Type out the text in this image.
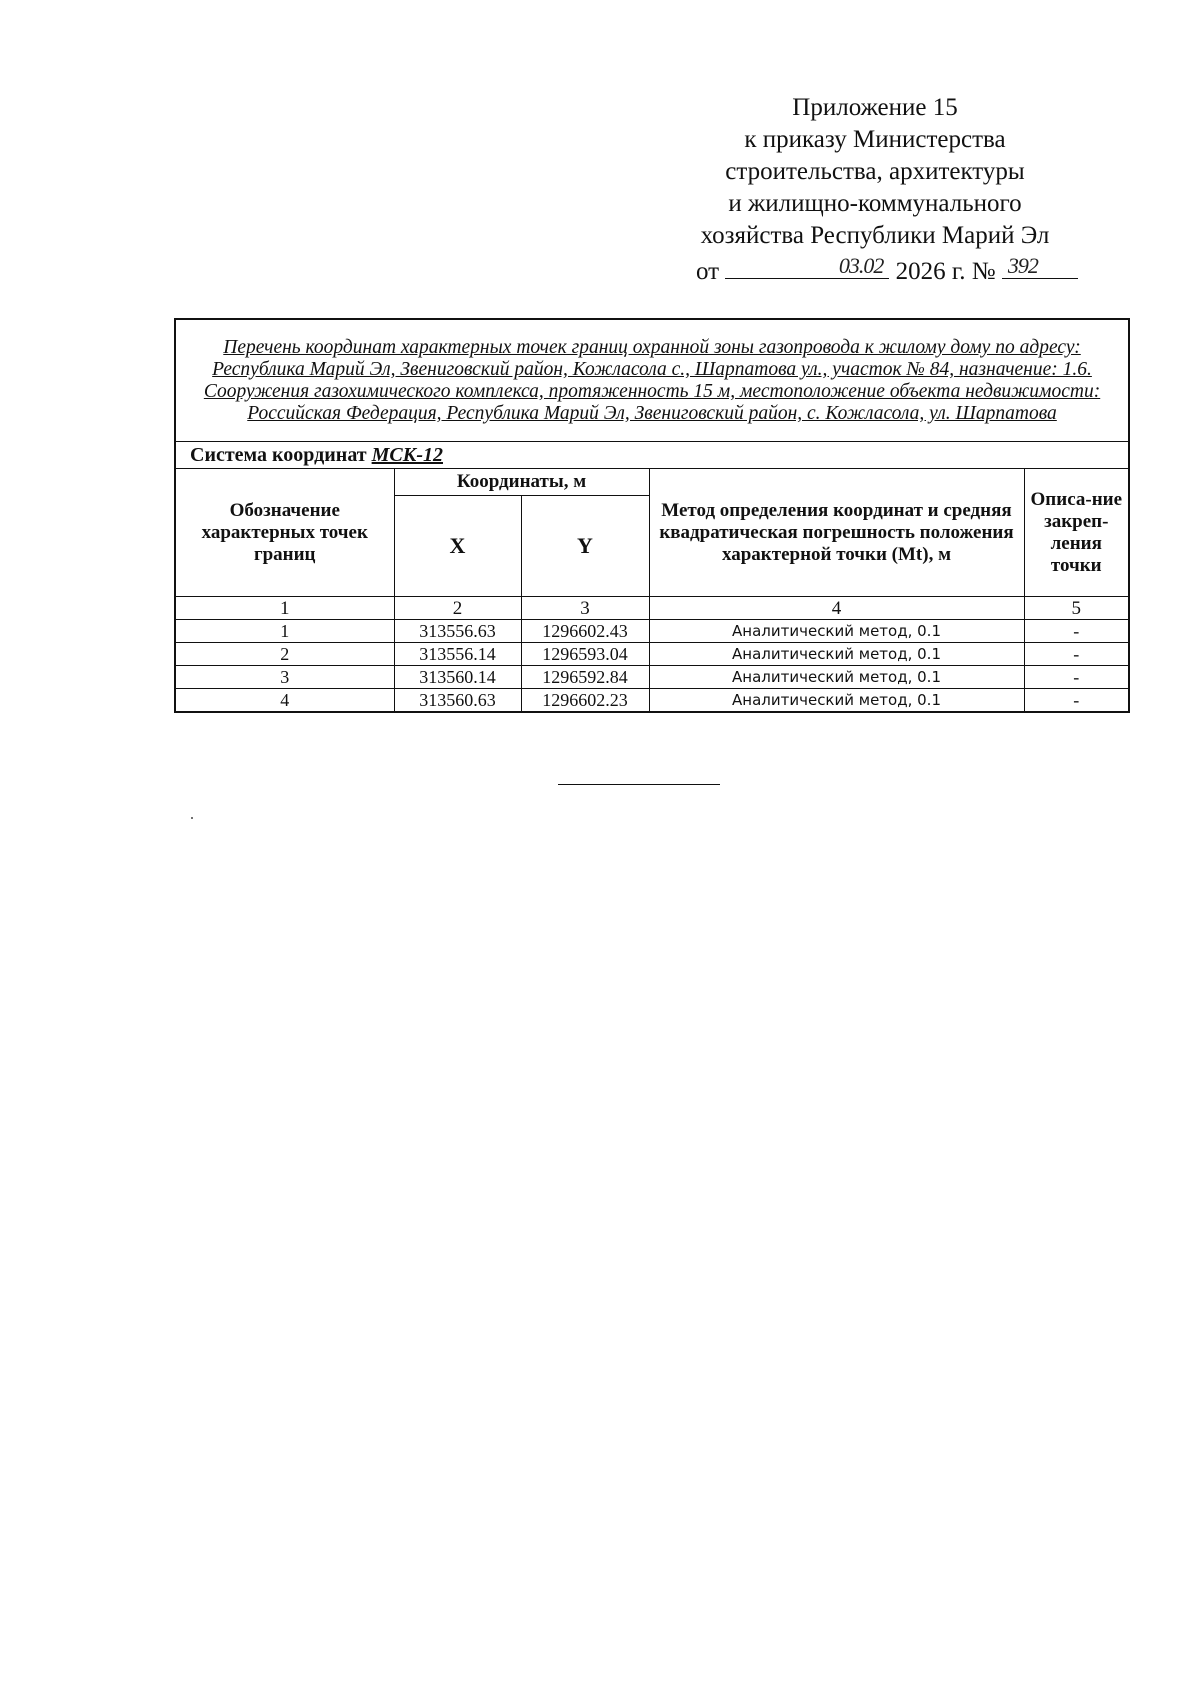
Приложение 15
к приказу Министерства
строительства, архитектуры
и жилищно-коммунального
хозяйства Республики Марий Эл
от	03.02 2026 г. № 392
Перечень координат характерных точек границ охранной зоны газопровода к жилому дому по адресу: Республика Марий Эл, Звениговский район, Кожласола с., Шарпатова ул., участок № 84, назначение: 1.6. Сооружения газохимического комплекса, протяженность 15 м, местоположение объекта недвижимости: Российская Федерация, Республика Марий Эл, Звениговский район, с. Кожласола, ул. Шарпатова				
Система координат МСК-12				
Обозначение характерных точек границ	Координаты, м		Метод определения координат и средняя квадратическая погрешность положения характерной точки (Mt), м	Описа-ние закреп-ления точки
	X	Y		
1	2	3	4	5
1	313556.63	1296602.43	Аналитический метод, 0.1	-
2	313556.14	1296593.04	Аналитический метод, 0.1	-
3	313560.14	1296592.84	Аналитический метод, 0.1	-
4	313560.63	1296602.23	Аналитический метод, 0.1	-
